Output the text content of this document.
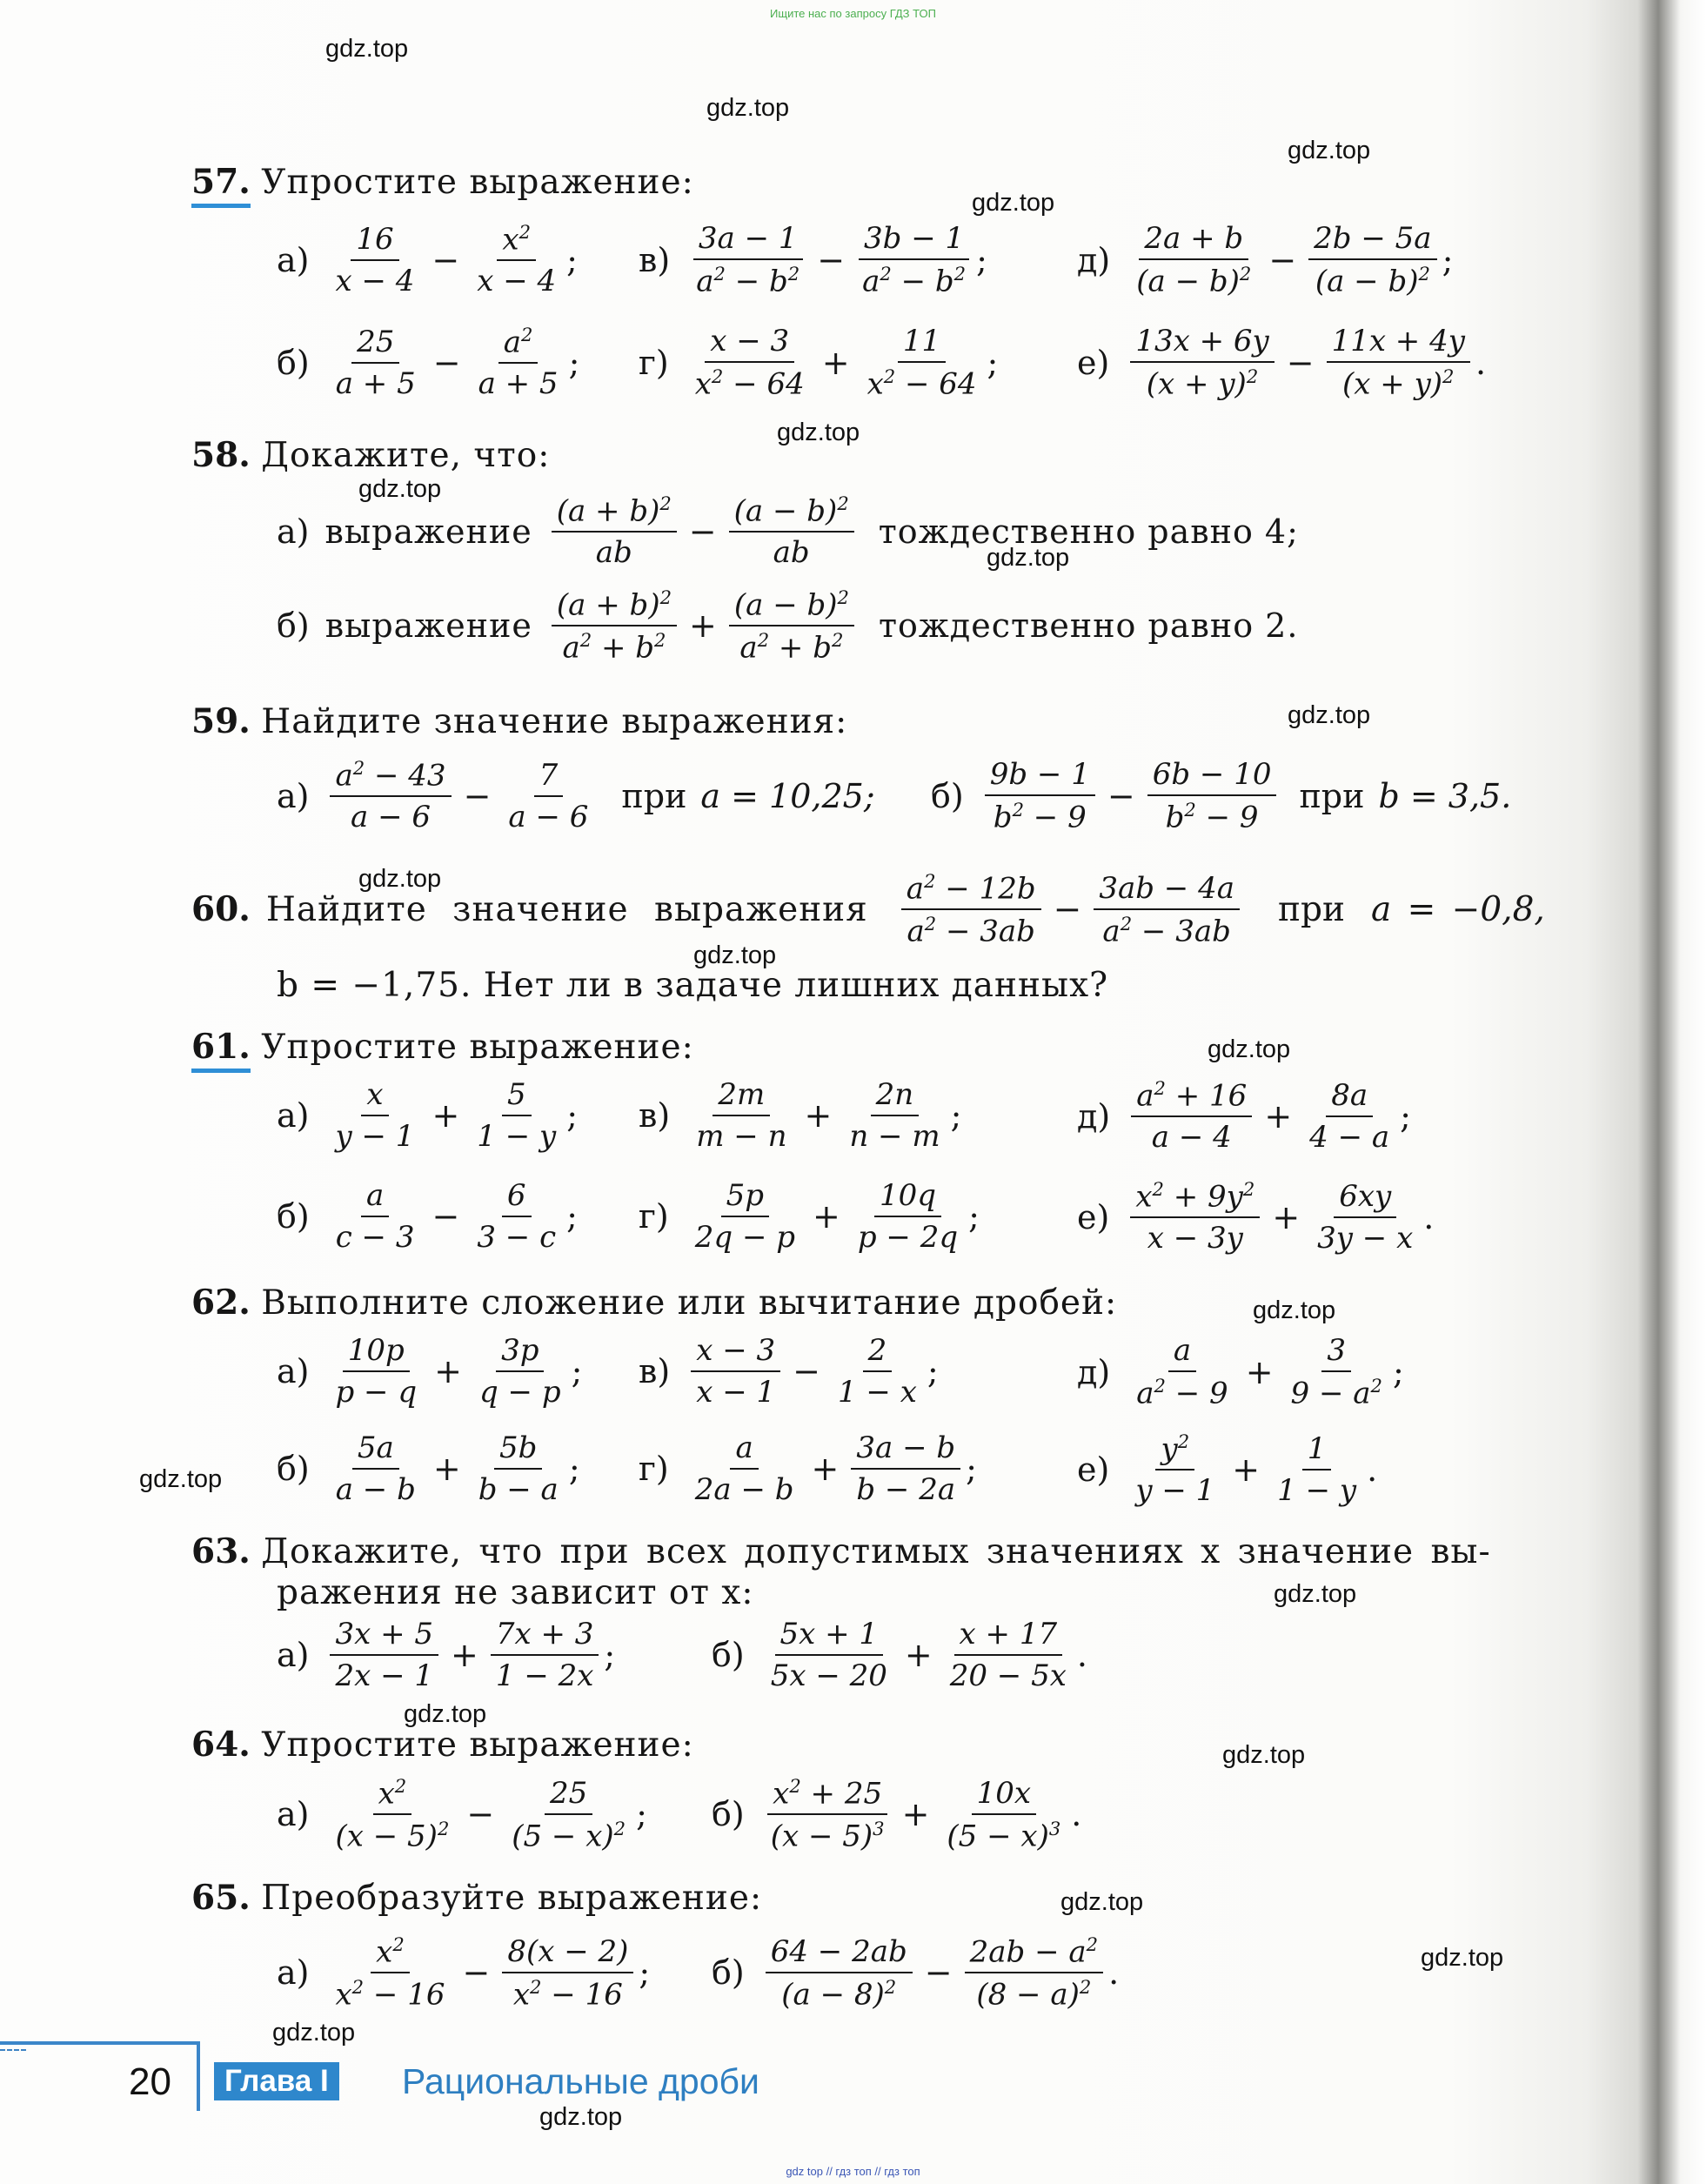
Ищите нас по запросу ГДЗ ТОП
gdz.top
gdz.top
gdz.top
gdz.top
gdz.top
gdz.top
gdz.top
gdz.top
gdz.top
gdz.top
gdz.top
gdz.top
gdz.top
gdz.top
gdz.top
gdz.top
gdz.top
gdz.top
gdz.top
gdz.top
57. Упростите выражение:
$а) \frac{16}{x - 4} - \frac{x^2}{x - 4}$ ; $в) \frac{3a - 1}{a^2 - b^2} - \frac{3b - 1}{a^2 - b^2}$ ;	$д) \frac{2a + b}{(a - b)^2} - \frac{2b - 5a}{(a - b)^2}$ ;
$б) \frac{25}{a + 5} - \frac{a^2}{a + 5}$ ; $г) \frac{x - 3}{x^2 - 64} + \frac{11}{x^2 - 64}$ ; $е) \frac{13x + 6y}{(x + y)^2} - \frac{11x + 4y}{(x + y)^2}$ .
58. Докажите, что:
а) выражение $\frac{(a + b)^2}{ab} - \frac{(a - b)^2}{ab}$ тождественно равно 4;
б) выражение $\frac{(a + b)^2}{a^2 + b^2} + \frac{(a - b)^2}{a^2 + b^2}$ тождественно равно 2.
59. Найдите значение выражения:
$а) \frac{a^2 - 43}{a - 6} - \frac{7}{a - 6}$ при a = 10,25; $б) \frac{9b - 1}{b^2 - 9} - \frac{6b - 10}{b^2 - 9}$ при b = 3,5.
60. Найдите значение выражения $\frac{a^2 - 12b}{a^2 - 3ab} - \frac{3ab - 4a}{a^2 - 3ab}$ при a = −0,8,
b = −1,75. Нет ли в задаче лишних данных?
61. Упростите выражение:
$а) \frac{x}{y - 1} + \frac{5}{1 - y}$ ; $в) \frac{2m}{m - n} + \frac{2n}{n - m}$ ;	$д) \frac{a^2 + 16}{a - 4} + \frac{8a}{4 - a}$ ;
$б) \frac{a}{c - 3} - \frac{6}{3 - c}$ ; $г) \frac{5p}{2q - p} + \frac{10q}{p - 2q}$ ;	$е) \frac{x^2 + 9y^2}{x - 3y} + \frac{6xy}{3y - x}$ .
62. Выполните сложение или вычитание дробей:
$а) \frac{10p}{p - q} + \frac{3p}{q - p}$ ; $в) \frac{x - 3}{x - 1} - \frac{2}{1 - x}$ ;	$д) \frac{a}{a^2 - 9} + \frac{3}{9 - a^2}$ ;
$б) \frac{5a}{a - b} + \frac{5b}{b - a}$ ; $г) \frac{a}{2a - b} + \frac{3a - b}{b - 2a}$ ;	$е) \frac{y^2}{y - 1} + \frac{1}{1 - y}$ .
63. Докажите, что при всех допустимых значениях x значение вы-
ражения не зависит от x:
$а) \frac{3x + 5}{2x - 1} + \frac{7x + 3}{1 - 2x}$ ;	$б) \frac{5x + 1}{5x - 20} + \frac{x + 17}{20 - 5x}$ .
64. Упростите выражение:
$а) \frac{x^2}{(x - 5)^2} - \frac{25}{(5 - x)^2}$ ; $б) \frac{x^2 + 25}{(x - 5)^3} + \frac{10x}{(5 - x)^3}$ .
65. Преобразуйте выражение:
$а) \frac{x^2}{x^2 - 16} - \frac{8(x - 2)}{x^2 - 16}$ ; $б) \frac{64 - 2ab}{(a - 8)^2} - \frac{2ab - a^2}{(8 - a)^2}$ .
20	Глава I Рациональные дроби
gdz top // гдз топ // гдз топ
